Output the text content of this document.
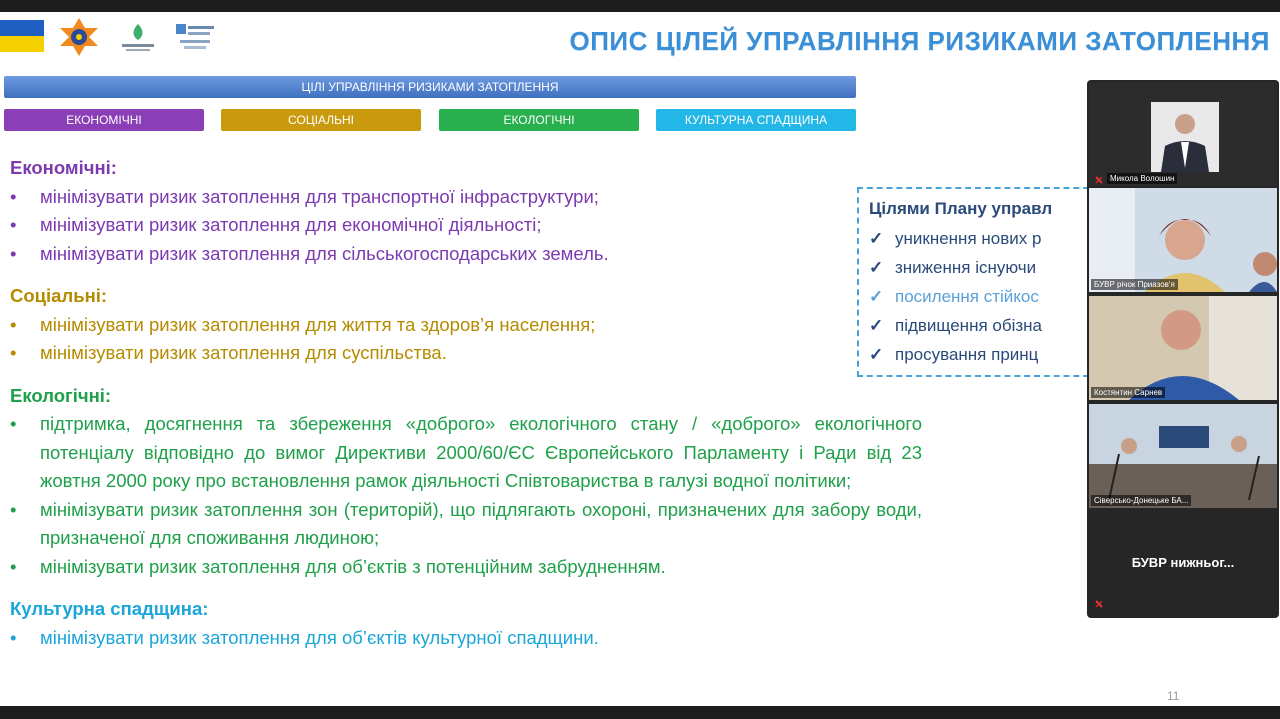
ОПИС ЦІЛЕЙ УПРАВЛІННЯ РИЗИКАМИ ЗАТОПЛЕННЯ
ЦІЛІ УПРАВЛІННЯ РИЗИКАМИ ЗАТОПЛЕННЯ
ЕКОНОМІЧНІ	СОЦІАЛЬНІ	ЕКОЛОГІЧНІ	КУЛЬТУРНА СПАДЩИНА

Економічні:

• мінімізувати ризик затоплення для транспортної інфраструктури;
• мінімізувати ризик затоплення для економічної діяльності;
• мінімізувати ризик затоплення для сільськогосподарських земель.

Соціальні:

• мінімізувати ризик затоплення для життя та здоров’я населення;
• мінімізувати ризик затоплення для суспільства.

Екологічні:

• підтримка, досягнення та збереження «доброго» екологічного стану / «доброго» екологічного потенціалу відповідно до вимог Директиви 2000/60/ЄС Європейського Парламенту і Ради від 23 жовтня 2000 року про встановлення рамок діяльності Співтовариства в галузі водної політики;
• мінімізувати ризик затоплення зон (територій), що підлягають охороні, призначених для забору води, призначеної для споживання людиною;
• мінімізувати ризик затоплення для об’єктів з потенційним забрудненням.

Культурна спадщина:

• мінімізувати ризик затоплення для об’єктів культурної спадщини.
Цілями Плану управл
✓ уникнення нових р
✓ зниження існуючи
✓ посилення стійкос
✓ підвищення обізна
✓ просування принц
11
Микола Волошин
БУВР річок Приазов'я
Костянтин Сарнев
Сіверсько-Донецьке БА...
БУВР нижньог...
